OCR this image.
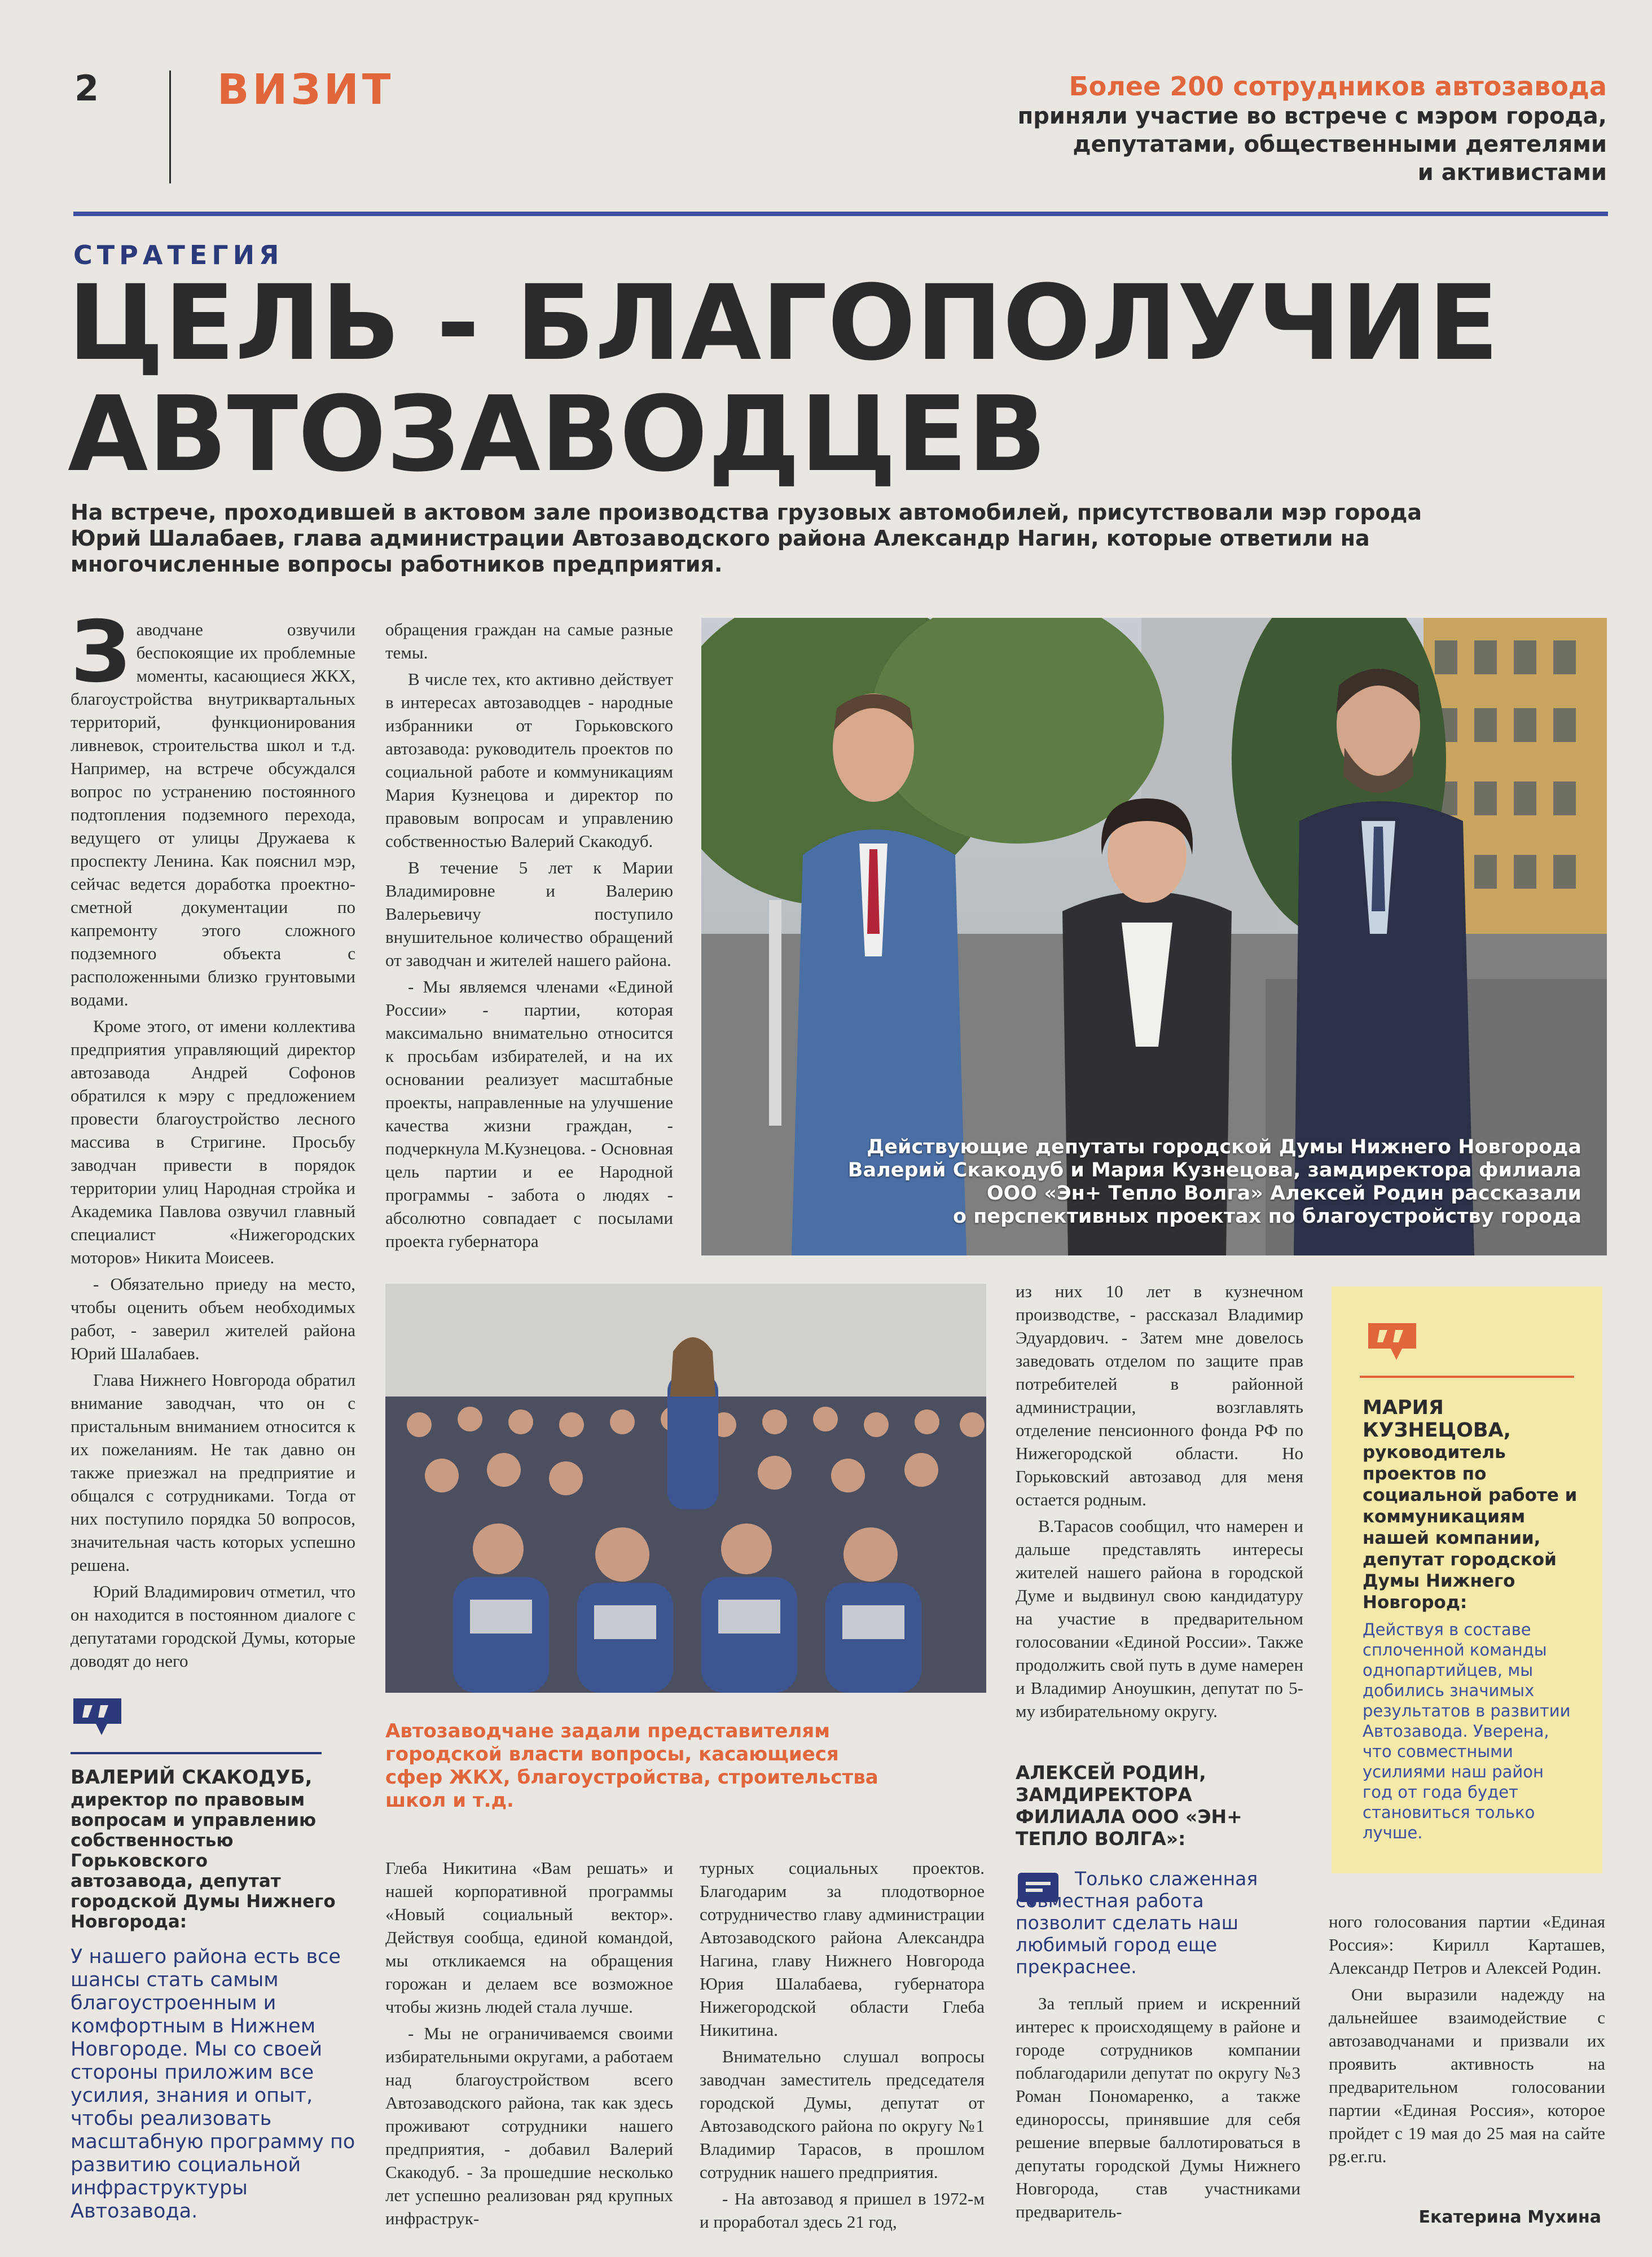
2	ВИЗИТ	Более 200 сотрудников автозавода
приняли участие во встрече с мэром города,
депутатами, общественными деятелями
и активистами
СТРАТЕГИЯ
ЦЕЛЬ - БЛАГОПОЛУЧИЕ
АВТОЗАВОДЦЕВ
На встрече, проходившей в актовом зале производства грузовых автомобилей, присутствовали мэр города Юрий Шалабаев, глава администрации Автозаводского района Александр Нагин, которые ответили на многочисленные вопросы работников предприятия.

Заводчане озвучили беспокоящие их проблемные моменты, касающиеся ЖКХ, благоустройства внутриквартальных территорий, функционирования ливневок, строительства школ и т.д. Например, на встрече обсуждался вопрос по устранению постоянного подтопления подземного перехода, ведущего от улицы Дружаева к проспекту Ленина. Как пояснил мэр, сейчас ведется доработка проектно-сметной документации по капремонту этого сложного подземного объекта с расположенными близко грунтовыми водами.

Кроме этого, от имени коллектива предприятия управляющий директор автозавода Андрей Софонов обратился к мэру с предложением провести благоустройство лесного массива в Стригине. Просьбу заводчан привести в порядок территории улиц Народная стройка и Академика Павлова озвучил главный специалист «Нижегородских моторов» Никита Моисеев.

- Обязательно приеду на место, чтобы оценить объем необходимых работ, - заверил жителей района Юрий Шалабаев.

Глава Нижнего Новгорода обратил внимание заводчан, что он с пристальным вниманием относится к их пожеланиям. Не так давно он также приезжал на предприятие и общался с сотрудниками. Тогда от них поступило порядка 50 вопросов, значительная часть которых успешно решена.

Юрий Владимирович отметил, что он находится в постоянном диалоге с депутатами городской Думы, которые доводят до него

обращения граждан на самые разные темы.

В числе тех, кто активно действует в интересах автозаводцев - народные избранники от Горьковского автозавода: руководитель проектов по социальной работе и коммуникациям Мария Кузнецова и директор по правовым вопросам и управлению собственностью Валерий Скакодуб.

В течение 5 лет к Марии Владимировне и Валерию Валерьевичу поступило внушительное количество обращений от заводчан и жителей нашего района.

- Мы являемся членами «Единой России» - партии, которая максимально внимательно относится к просьбам избирателей, и на их основании реализует масштабные проекты, направленные на улучшение качества жизни граждан, - подчеркнула М.Кузнецова. - Основная цель партии и ее Народной программы - забота о людях - абсолютно совпадает с посылами проекта губернатора

Действующие депутаты городской Думы Нижнего Новгорода
Валерий Скакодуб и Мария Кузнецова, замдиректора филиала
ООО «Эн+ Тепло Волга» Алексей Родин рассказали
о перспективных проектах по благоустройству города
Автозаводчане задали представителям городской власти вопросы, касающиеся сфер ЖКХ, благоустройства, строительства школ и т.д.

из них 10 лет в кузнечном производстве, - рассказал Владимир Эдуардович. - Затем мне довелось заведовать отделом по защите прав потребителей в районной администрации, возглавлять отделение пенсионного фонда РФ по Нижегородской области. Но Горьковский автозавод для меня остается родным.

В.Тарасов сообщил, что намерен и дальше представлять интересы жителей нашего района в городской Думе и выдвинул свою кандидатуру на участие в предварительном голосовании «Единой России». Также продолжить свой путь в думе намерен и Владимир Аноушкин, депутат по 5-му избирательному округу.

МАРИЯ КУЗНЕЦОВА,
руководитель проектов по социальной работе и коммуникациям нашей компании, депутат городской Думы Нижнего Новгород:
Действуя в составе сплоченной команды однопартийцев, мы добились значимых результатов в развитии Автозавода. Уверена, что совместными усилиями наш район год от года будет становиться только лучше.
ВАЛЕРИЙ СКАКОДУБ,
директор по правовым вопросам и управлению собственностью Горьковского автозавода, депутат городской Думы Нижнего Новгорода:
У нашего района есть все шансы стать самым благоустроенным и комфортным в Нижнем Новгороде. Мы со своей стороны приложим все усилия, знания и опыт, чтобы реализовать масштабную программу по развитию социальной инфраструктуры Автозавода.

Глеба Никитина «Вам решать» и нашей корпоративной программы «Новый социальный вектор». Действуя сообща, единой командой, мы откликаемся на обращения горожан и делаем все возможное чтобы жизнь людей стала лучше.

- Мы не ограничиваемся своими избирательными округами, а работаем над благоустройством всего Автозаводского района, так как здесь проживают сотрудники нашего предприятия, - добавил Валерий Скакодуб. - За прошедшие несколько лет успешно реализован ряд крупных инфраструк-

турных социальных проектов. Благодарим за плодотворное сотрудничество главу администрации Автозаводского района Александра Нагина, главу Нижнего Новгорода Юрия Шалабаева, губернатора Нижегородской области Глеба Никитина.

Внимательно слушал вопросы заводчан заместитель председателя городской Думы, депутат от Автозаводского района по округу №1 Владимир Тарасов, в прошлом сотрудник нашего предприятия.

- На автозавод я пришел в 1972-м и проработал здесь 21 год,

АЛЕКСЕЙ РОДИН, ЗАМДИРЕКТОРА ФИЛИАЛА ООО «ЭН+ ТЕПЛО ВОЛГА»:
Только слаженная совместная работа позволит сделать наш любимый город еще прекраснее.

За теплый прием и искренний интерес к происходящему в районе и городе сотрудников компании поблагодарили депутат по округу №3 Роман Пономаренко, а также единороссы, принявшие для себя решение впервые баллотироваться в депутаты городской Думы Нижнего Новгорода, став участниками предваритель-

ного голосования партии «Единая Россия»: Кирилл Карташев, Александр Петров и Алексей Родин.

Они выразили надежду на дальнейшее взаимодействие с автозаводчанами и призвали их проявить активность на предварительном голосовании партии «Единая Россия», которое пройдет с 19 мая до 25 мая на сайте pg.er.ru.

Екатерина Мухина
